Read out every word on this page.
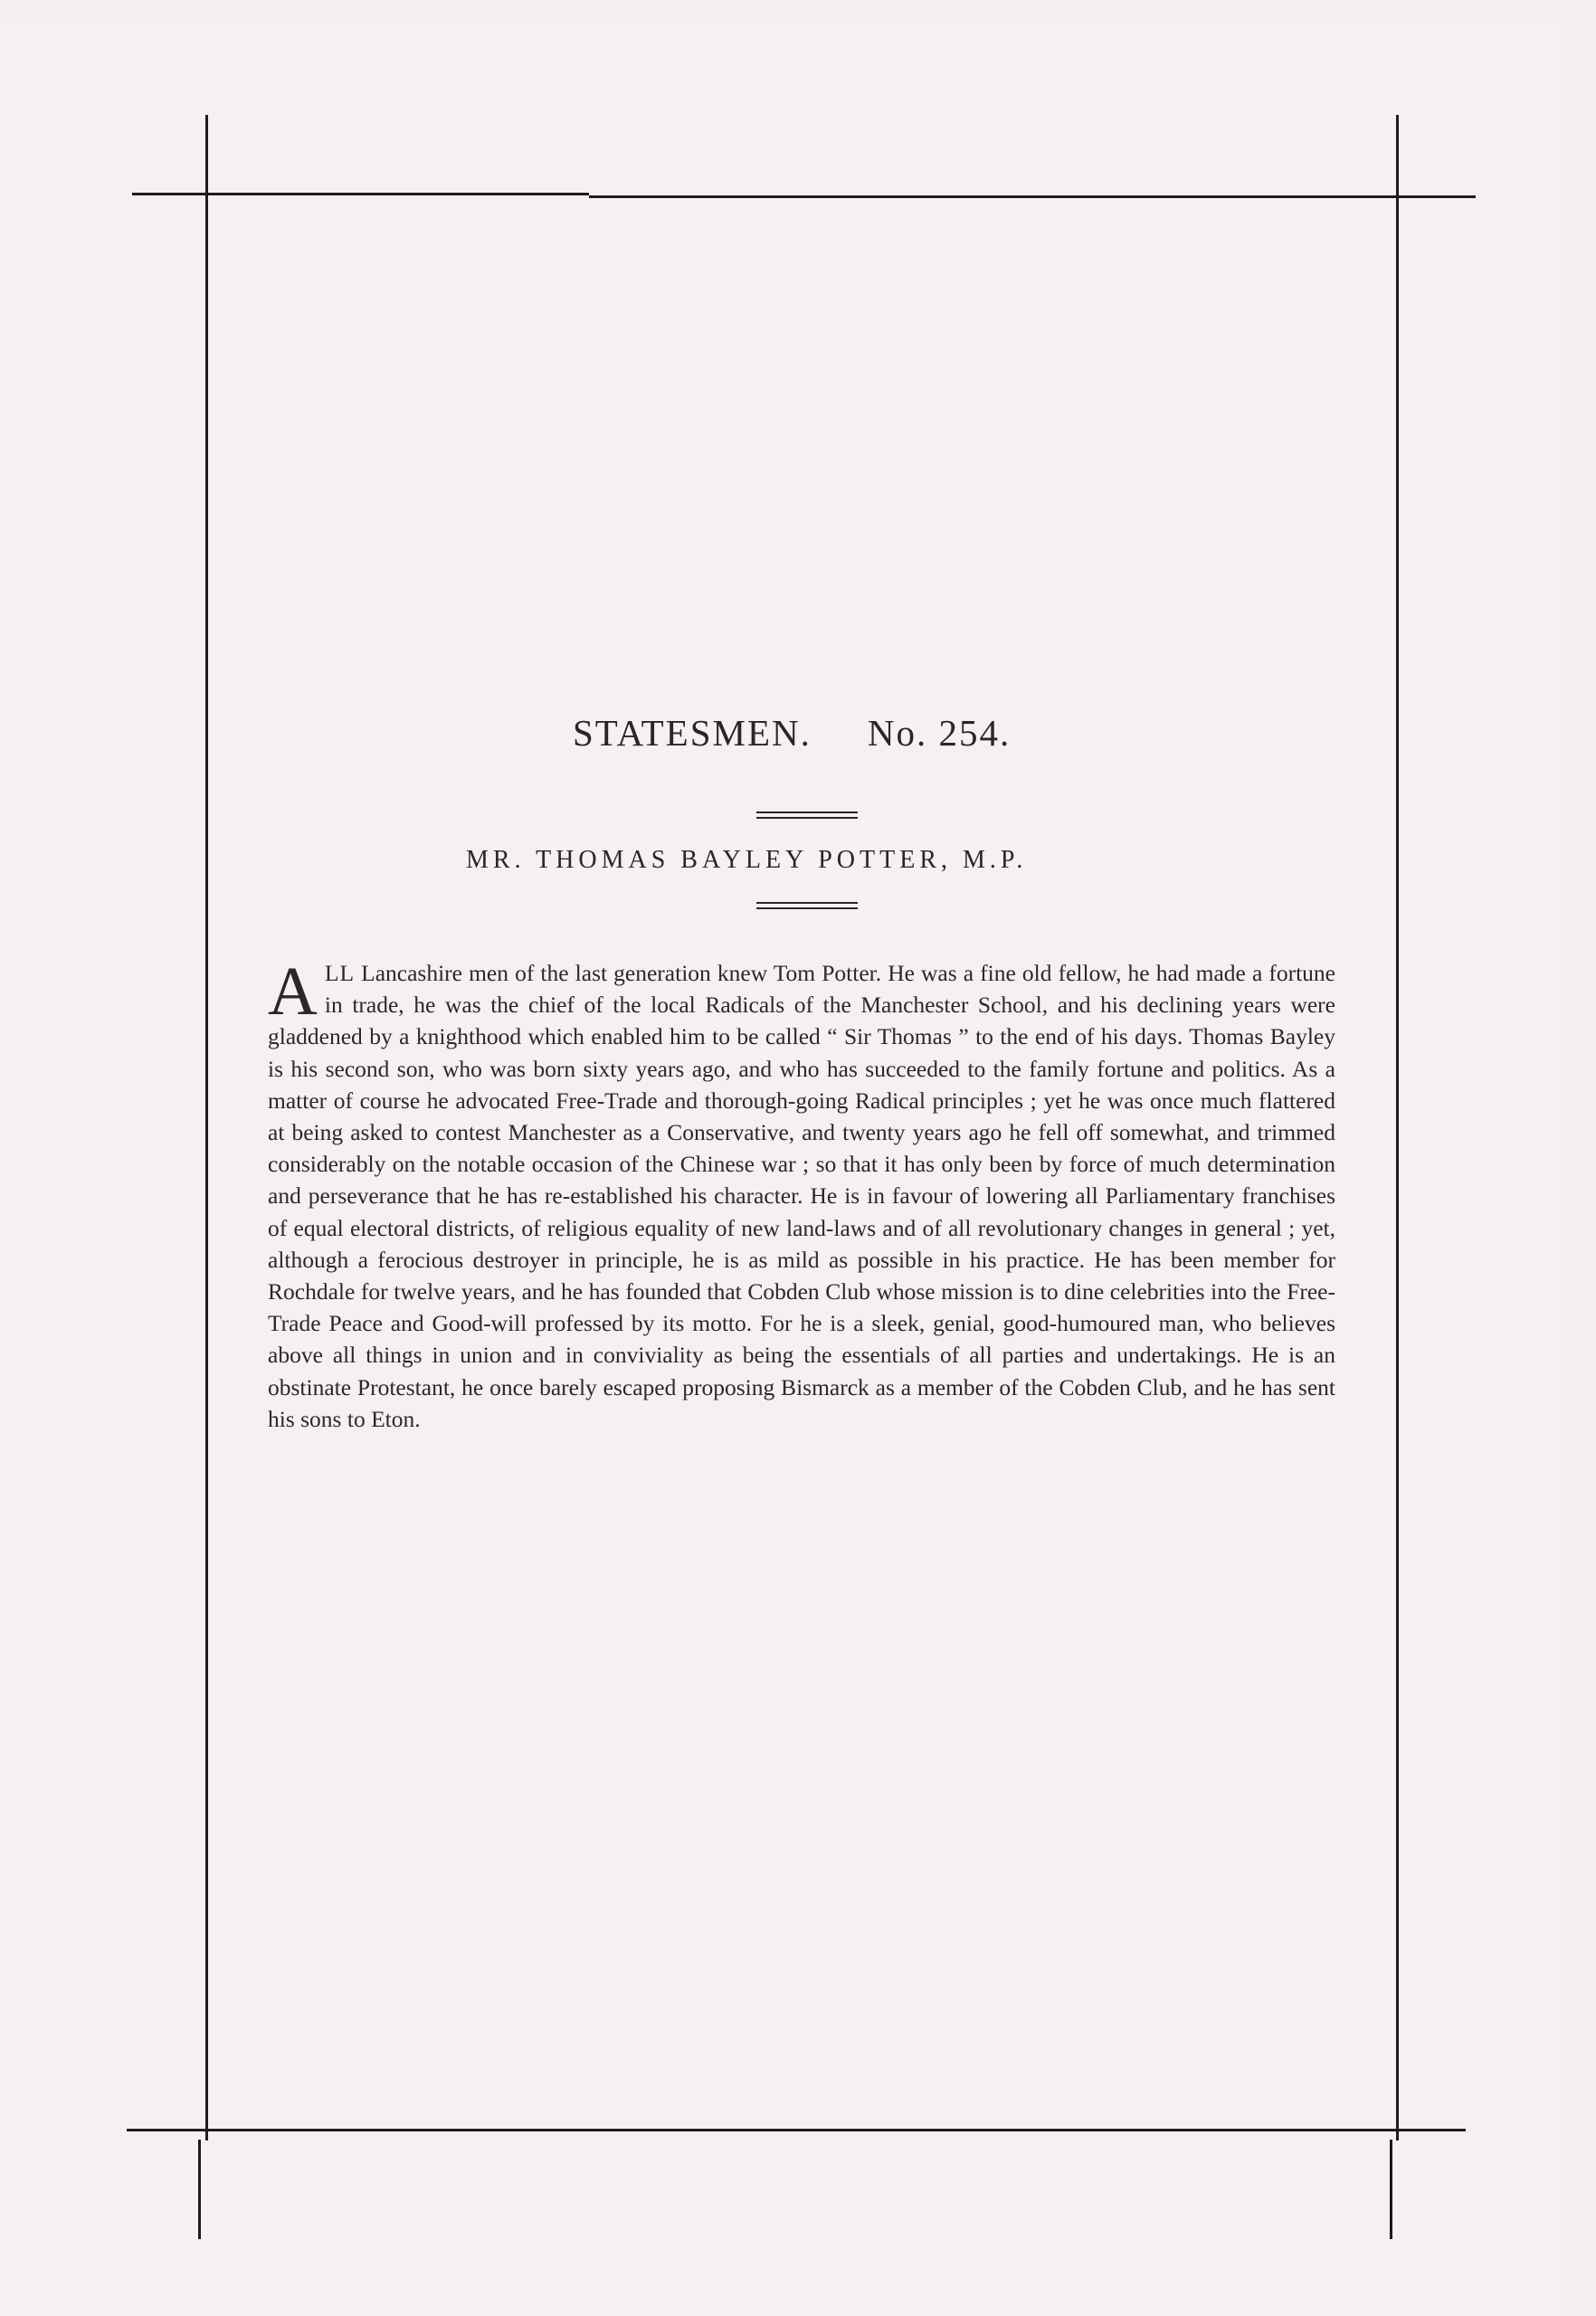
STATESMEN. No. 254.
MR. THOMAS BAYLEY POTTER, M.P.
ALL Lancashire men of the last generation knew Tom Potter. He was a fine old fellow, he had made a fortune in trade, he was the chief of the local Radicals of the Manchester School, and his declining years were gladdened by a knighthood which enabled him to be called “ Sir Thomas ” to the end of his days. Thomas Bayley is his second son, who was born sixty years ago, and who has succeeded to the family fortune and politics. As a matter of course he advocated Free-Trade and thorough-going Radical principles ; yet he was once much flattered at being asked to contest Manchester as a Conservative, and twenty years ago he fell off somewhat, and trimmed considerably on the notable occasion of the Chinese war ; so that it has only been by force of much determination and perseverance that he has re-established his character. He is in favour of lowering all Parliamentary franchises of equal electoral districts, of religious equality of new land-laws and of all revolutionary changes in general ; yet, although a ferocious destroyer in principle, he is as mild as possible in his practice. He has been member for Rochdale for twelve years, and he has founded that Cobden Club whose mission is to dine celebrities into the Free-Trade Peace and Good-will professed by its motto. For he is a sleek, genial, good-humoured man, who believes above all things in union and in conviviality as being the essentials of all parties and undertakings. He is an obstinate Protestant, he once barely escaped proposing Bismarck as a member of the Cobden Club, and he has sent his sons to Eton.
